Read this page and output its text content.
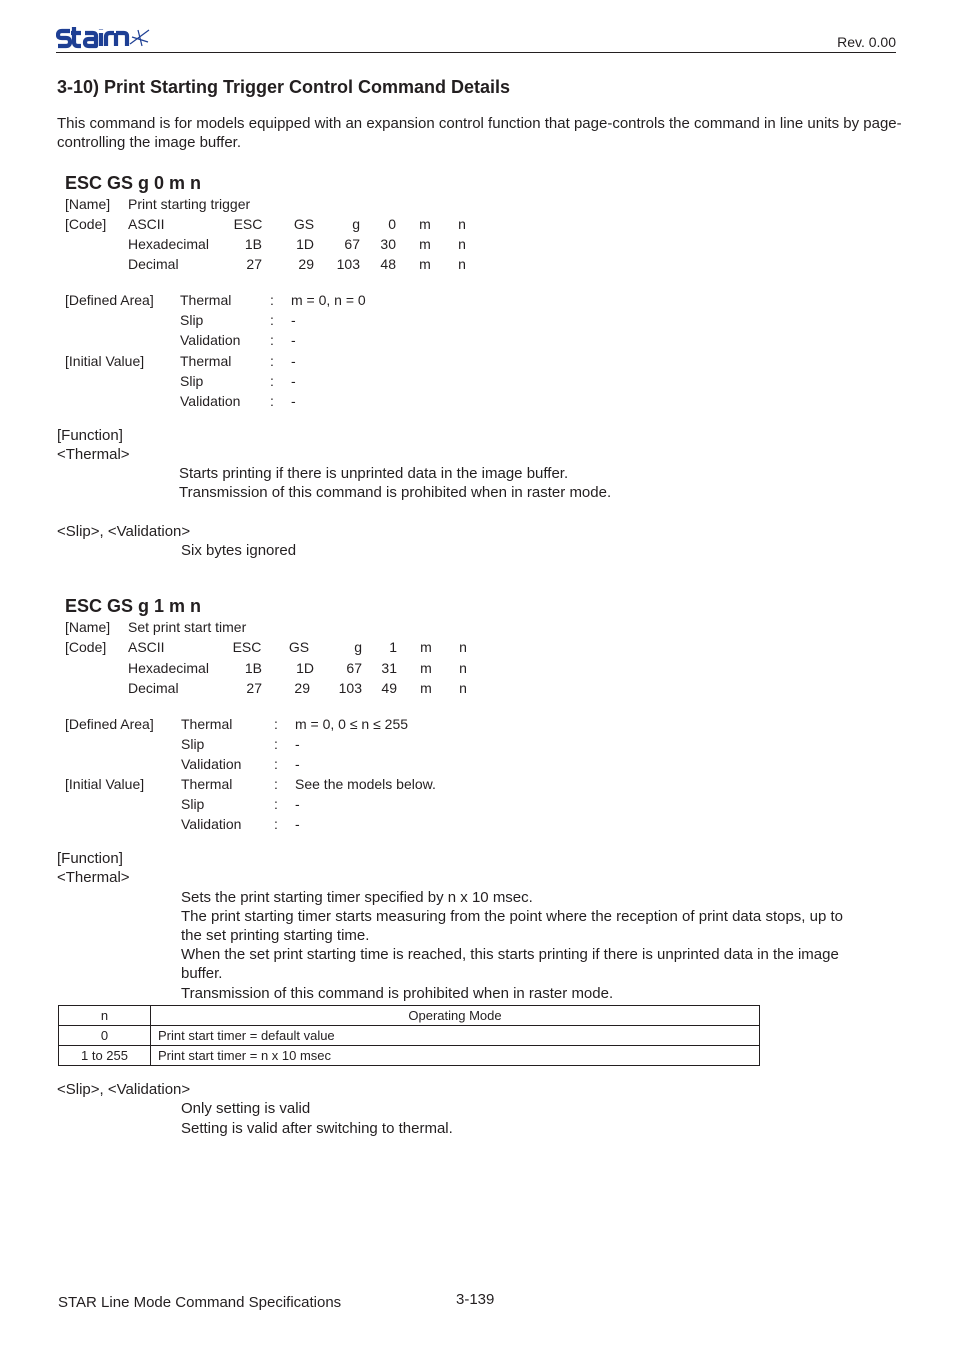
Rev. 0.00
3-10) Print Starting Trigger Control Command Details
This command is for models equipped with an expansion control function that page-controls the command in line units by page-controlling the image buffer.
ESC GS g 0 m n
[Name] Print starting trigger
[Code] ASCII	ESC	GS	g	0	m	n
Hexadecimal	1B	1D	67	30	m	n
Decimal	27	29	103	48	m	n
[Defined Area] Thermal	: m = 0, n = 0
Slip	: -
Validation : -
[Initial Value]	Thermal	: -
Slip	: -
Validation : -
[Function]
<Thermal>
Starts printing if there is unprinted data in the image buffer.
Transmission of this command is prohibited when in raster mode.
<Slip>, <Validation>
Six bytes ignored
ESC GS g 1 m n
[Name] Set print start timer
[Code] ASCII	ESC	GS	g	1	m	n
Hexadecimal	1B	1D	67	31	m	n
Decimal	27	29	103	49	m	n
[Defined Area] Thermal	: m = 0, 0 ≤ n ≤ 255
Slip	: -
Validation : -
[Initial Value]	Thermal	: See the models below.
Slip	: -
Validation : -
[Function]
<Thermal>
Sets the print starting timer specified by n x 10 msec.
The print starting timer starts measuring from the point where the reception of print data stops, up to
the set printing starting time.
When the set print starting time is reached, this starts printing if there is unprinted data in the image
buffer.
Transmission of this command is prohibited when in raster mode.
n	Operating Mode
0	Print start timer = default value
1 to 255	Print start timer = n x 10 msec
<Slip>, <Validation>
Only setting is valid
Setting is valid after switching to thermal.
STAR Line Mode Command Specifications	3-139
